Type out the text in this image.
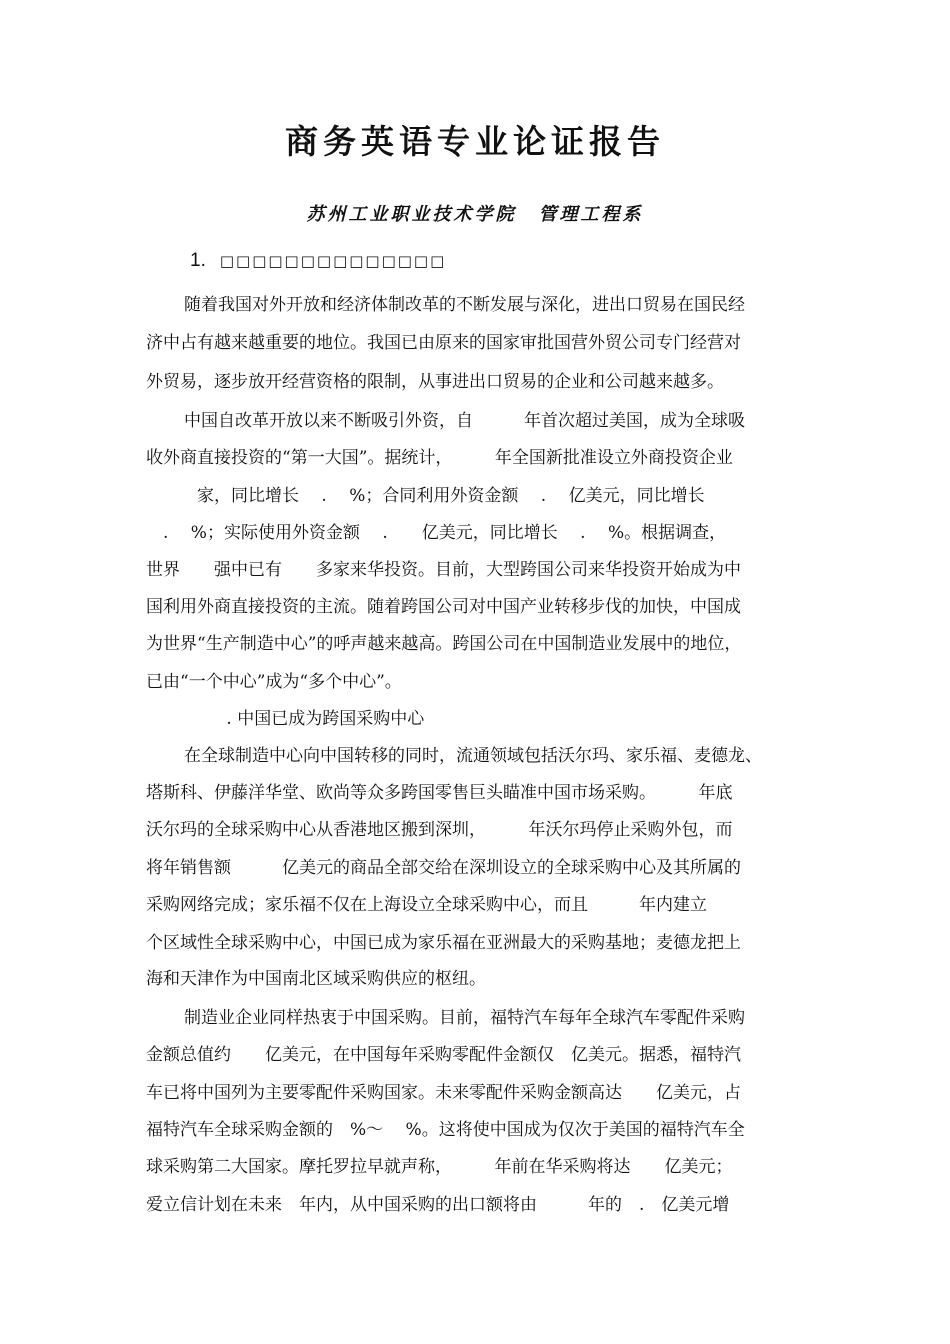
商务英语专业论证报告
苏州工业职业技术学院 管理工程系
1. □□□□□□□□□□□□□□
随着我国对外开放和经济体制改革的不断发展与深化，进出口贸易在国民经
济中占有越来越重要的地位。我国已由原来的国家审批国营外贸公司专门经营对
外贸易，逐步放开经营资格的限制，从事进出口贸易的企业和公司越来越多。
中国自改革开放以来不断吸引外资，自　　　年首次超过美国，成为全球吸
收外商直接投资的“第一大国”。据统计，　　　年全国新批准设立外商投资企业
　　　家，同比增长　 .　 %；合同利用外资金额　 .　 亿美元，同比增长
　.　 %；实际使用外资金额　 .　　亿美元，同比增长　 .　 %。根据调查，
世界　　强中已有　　多家来华投资。目前，大型跨国公司来华投资开始成为中
国利用外商直接投资的主流。随着跨国公司对中国产业转移步伐的加快，中国成
为世界“生产制造中心”的呼声越来越高。跨国公司在中国制造业发展中的地位，
已由“一个中心”成为“多个中心”。
　　　 . 中国已成为跨国采购中心
在全球制造中心向中国转移的同时，流通领域包括沃尔玛、家乐福、麦德龙、
塔斯科、伊藤洋华堂、欧尚等众多跨国零售巨头瞄准中国市场采购。　　　年底
沃尔玛的全球采购中心从香港地区搬到深圳，　　　年沃尔玛停止采购外包，而
将年销售额　　　亿美元的商品全部交给在深圳设立的全球采购中心及其所属的
采购网络完成；家乐福不仅在上海设立全球采购中心，而且　　　年内建立
个区域性全球采购中心，中国已成为家乐福在亚洲最大的采购基地；麦德龙把上
海和天津作为中国南北区域采购供应的枢纽。
制造业企业同样热衷于中国采购。目前，福特汽车每年全球汽车零配件采购
金额总值约　　亿美元，在中国每年采购零配件金额仅　亿美元。据悉，福特汽
车已将中国列为主要零配件采购国家。未来零配件采购金额高达　　亿美元，占
福特汽车全球采购金额的　%～　 %。这将使中国成为仅次于美国的福特汽车全
球采购第二大国家。摩托罗拉早就声称，　　　年前在华采购将达　　亿美元；
爱立信计划在未来　年内，从中国采购的出口额将由　　　年的　.　亿美元增
